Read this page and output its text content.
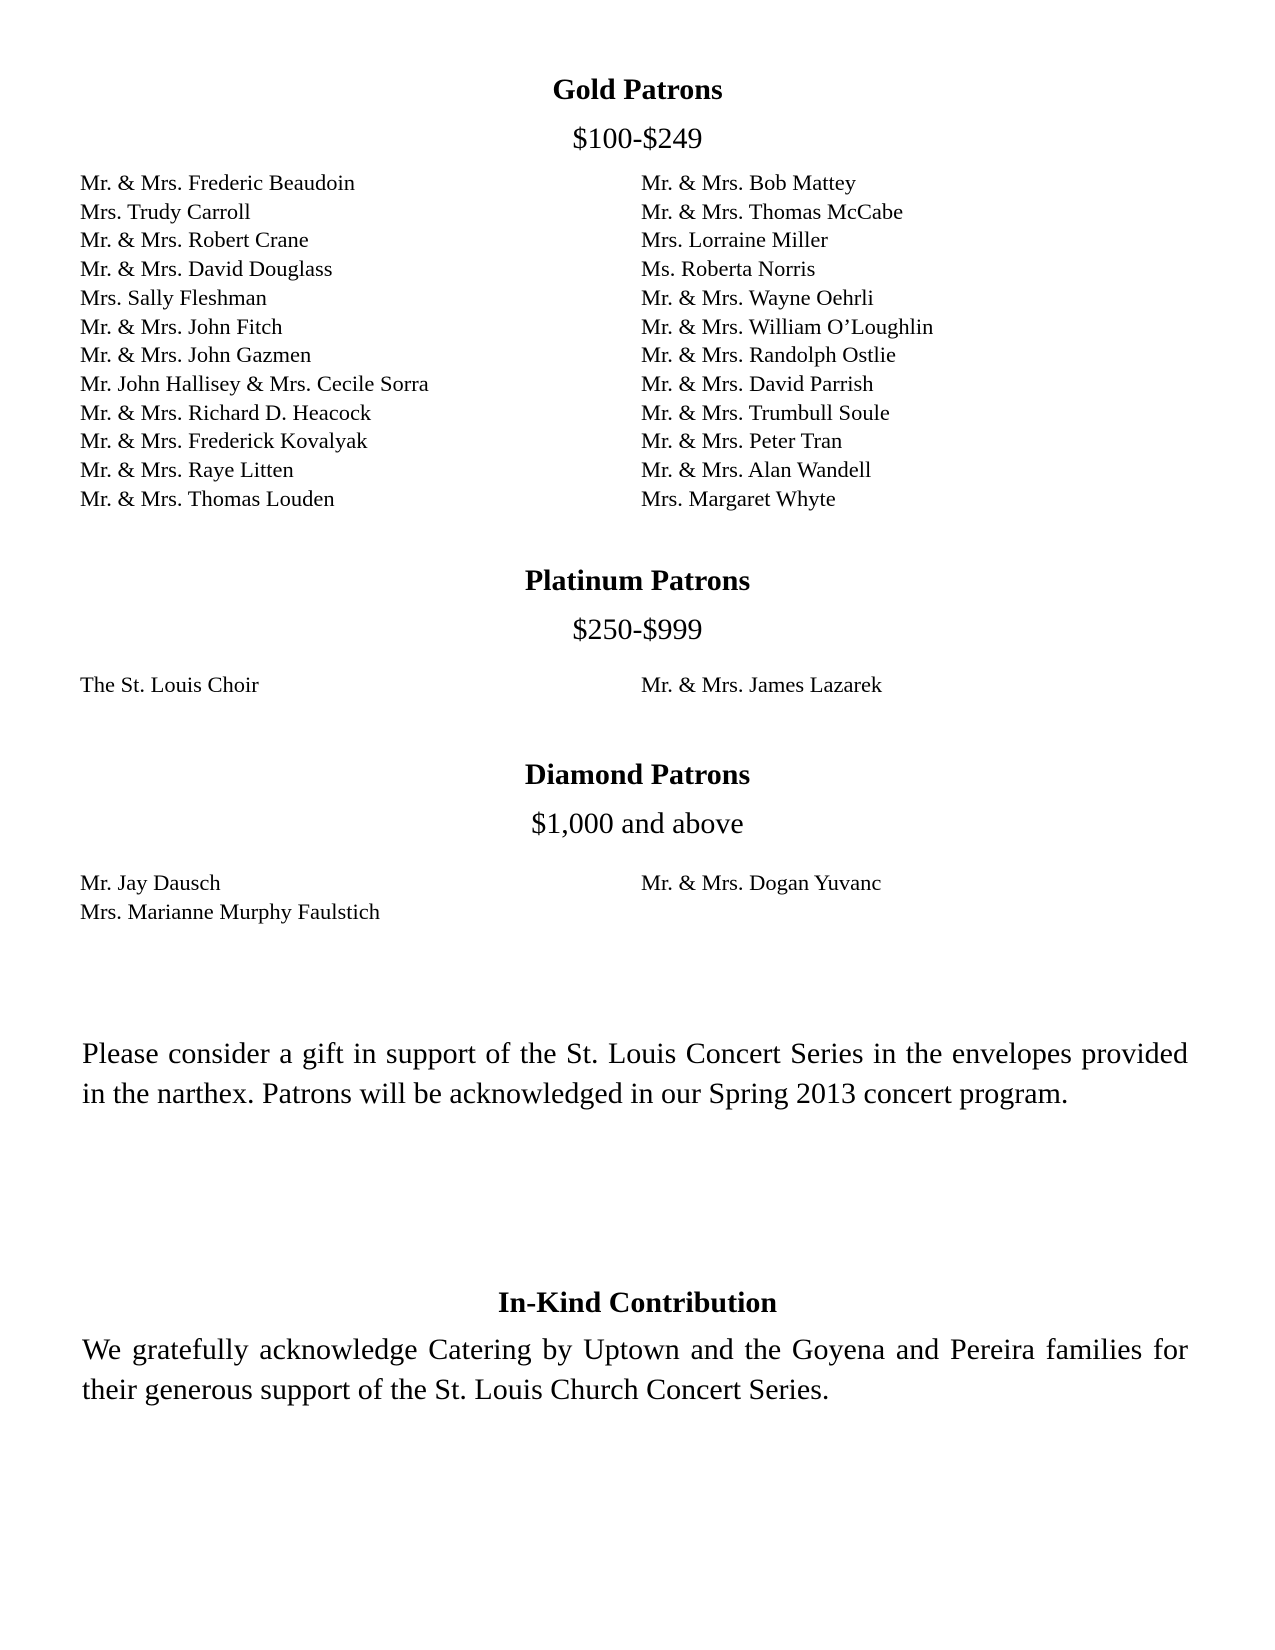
Gold Patrons
$100-$249
Mr. & Mrs. Frederic Beaudoin
Mrs. Trudy Carroll
Mr. & Mrs. Robert Crane
Mr. & Mrs. David Douglass
Mrs. Sally Fleshman
Mr. & Mrs. John Fitch
Mr. & Mrs. John Gazmen
Mr. John Hallisey & Mrs. Cecile Sorra
Mr. & Mrs. Richard D. Heacock
Mr. & Mrs. Frederick Kovalyak
Mr. & Mrs. Raye Litten
Mr. & Mrs. Thomas Louden
Mr. & Mrs. Bob Mattey
Mr. & Mrs. Thomas McCabe
Mrs. Lorraine Miller
Ms. Roberta Norris
Mr. & Mrs. Wayne Oehrli
Mr. & Mrs. William O’Loughlin
Mr. & Mrs. Randolph Ostlie
Mr. & Mrs. David Parrish
Mr. & Mrs. Trumbull Soule
Mr. & Mrs. Peter Tran
Mr. & Mrs. Alan Wandell
Mrs. Margaret Whyte
Platinum Patrons
$250-$999
The St. Louis Choir	Mr. & Mrs. James Lazarek
Diamond Patrons
$1,000 and above
Mr. Jay Dausch
Mrs. Marianne Murphy Faulstich
Mr. & Mrs. Dogan Yuvanc

Please consider a gift in support of the St. Louis Concert Series in the envelopes provided in the narthex. Patrons will be acknowledged in our Spring 2013 concert program.

In-Kind Contribution

We gratefully acknowledge Catering by Uptown and the Goyena and Pereira families for their generous support of the St. Louis Church Concert Series.
